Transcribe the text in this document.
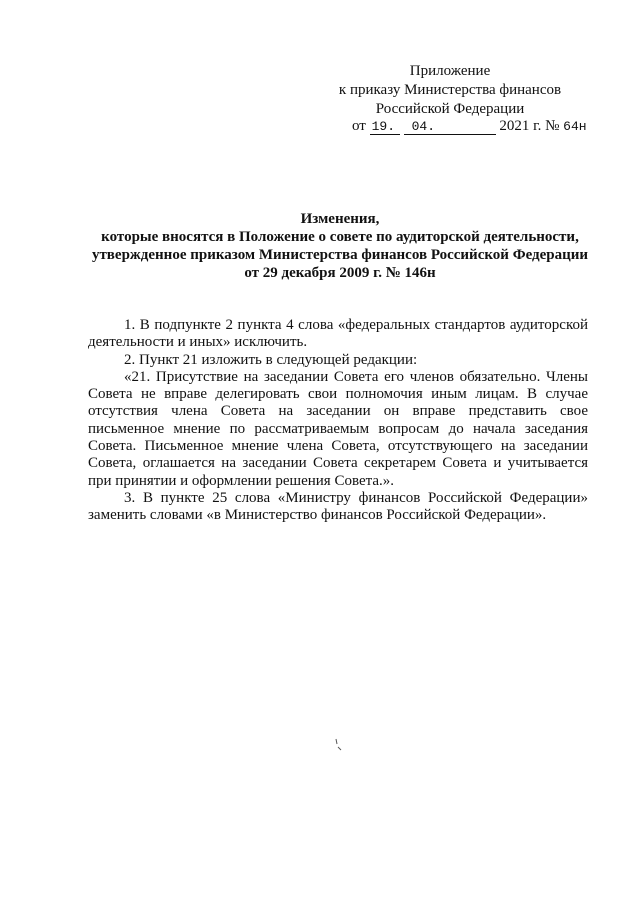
Приложение
к приказу Министерства финансов
Российской Федерации
от 19. 04.	2021 г. № 64н
Изменения,
которые вносятся в Положение о совете по аудиторской деятельности,
утвержденное приказом Министерства финансов Российской Федерации
от 29 декабря 2009 г. № 146н

1. В подпункте 2 пункта 4 слова «федеральных стандартов аудиторской деятельности и иных» исключить.

2. Пункт 21 изложить в следующей редакции:

«21. Присутствие на заседании Совета его членов обязательно. Члены Совета не вправе делегировать свои полномочия иным лицам. В случае отсутствия члена Совета на заседании он вправе представить свое письменное мнение по рассматриваемым вопросам до начала заседания Совета. Письменное мнение члена Совета, отсутствующего на заседании Совета, оглашается на заседании Совета секретарем Совета и учитывается при принятии и оформлении решения Совета.».

3. В пункте 25 слова «Министру финансов Российской Федерации» заменить словами «в Министерство финансов Российской Федерации».
